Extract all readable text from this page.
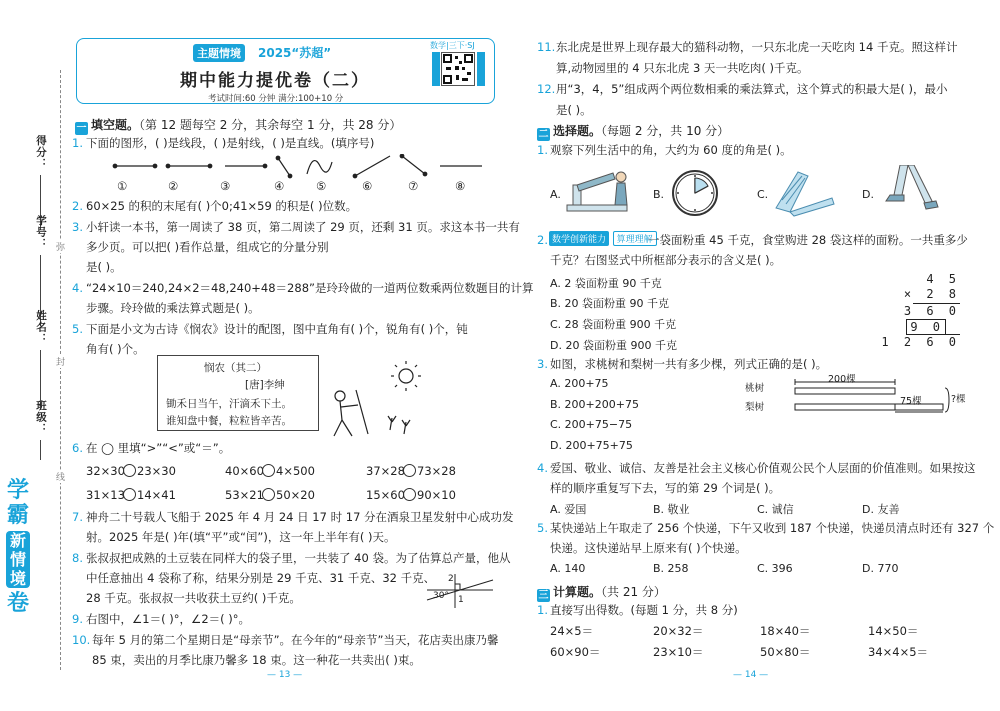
弥
封
线
得分：
学号：
姓名：
班级：
学霸
新情境
卷
主题情境	2025“苏超”
数学|三下·SJ
期中能力提优卷（二）
考试时间:60 分钟 满分:100+10 分
一 填空题。（第 12 题每空 2 分，其余每空 1 分，共 28 分）
1. 下面的图形，( )是线段，( )是射线，( )是直线。(填序号)
①	②	③	④	⑤	⑥	⑦	⑧
2. 60×25 的积的末尾有( )个0;41×59 的积是( )位数。
3. 小轩读一本书，第一周读了 38 页，第二周读了 29 页，还剩 31 页。求这本书一共有
多少页。可以把( )看作总量，组成它的分量分别
是( )。
4. “24×10＝240,24×2＝48,240+48＝288”是玲玲做的一道两位数乘两位数题目的计算
步骤。玲玲做的乘法算式题是( )。
5. 下面是小文为古诗《悯农》设计的配图，图中直角有( )个，锐角有( )个，钝
角有( )个。
悯农（其二）
[唐]李绅
锄禾日当午，汗滴禾下土。
谁知盘中餐，粒粒皆辛苦。
6. 在 ◯ 里填“>”“<”或“＝”。
32×30 23×30	40×60 4×500	37×28 73×28
31×13 14×41	53×21 50×20	15×60 90×10
7. 神舟二十号载人飞船于 2025 年 4 月 24 日 17 时 17 分在酒泉卫星发射中心成功发
射。2025 年是( )年(填“平”或“闰”)，这一年上半年有( )天。
8. 张叔叔把成熟的土豆装在同样大的袋子里，一共装了 40 袋。为了估算总产量，他从
中任意抽出 4 袋称了称，结果分别是 29 千克、31 千克、32 千克、
28 千克。张叔叔一共收获土豆约( )千克。	30° 1
2
9. 右图中，∠1＝( )°，∠2＝( )°。
10. 每年 5 月的第二个星期日是“母亲节”。在今年的“母亲节”当天，花店卖出康乃馨
85 束，卖出的月季比康乃馨多 18 束。这一种花一共卖出( )束。
— 13 —
11. 东北虎是世界上现存最大的猫科动物，一只东北虎一天吃肉 14 千克。照这样计
算,动物园里的 4 只东北虎 3 天一共吃肉( )千克。
12. 用“3，4，5”组成两个两位数相乘的乘法算式，这个算式的积最大是( )，最小
是( )。
二 选择题。（每题 2 分，共 10 分）
1. 观察下列生活中的角，大约为 60 度的角是( )。
A.	B.	C.	D.
2. 数学创新能力 算理理解
一袋面粉重 45 千克，食堂购进 28 袋这样的面粉。一共重多少
千克？右图竖式中所框部分表示的含义是( )。
A. 2 袋面粉重 90 千克
B. 20 袋面粉重 90 千克
C. 28 袋面粉重 900 千克
D. 20 袋面粉重 900 千克
4 5
× 2 8
3 6 0
9 0
1 2 6 0
3. 如图，求桃树和梨树一共有多少棵，列式正确的是( )。
A. 200+75
B. 200+200+75
C. 200+75−75
D. 200+75+75
桃树
梨树
200棵
75棵	?棵
4. 爱国、敬业、诚信、友善是社会主义核心价值观公民个人层面的价值准则。如果按这
样的顺序重复写下去，写的第 29 个词是( )。
A. 爱国	B. 敬业	C. 诚信	D. 友善
5. 某快递站上午取走了 256 个快递，下午又收到 187 个快递，快递员清点时还有 327 个
快递。这快递站早上原来有( )个快递。
A. 140	B. 258	C. 396	D. 770
三 计算题。（共 21 分）
1. 直接写出得数。(每题 1 分，共 8 分)
24×5＝	20×32＝	18×40＝	14×50＝
60×90＝	23×10＝	50×80＝	34×4×5＝
— 14 —
